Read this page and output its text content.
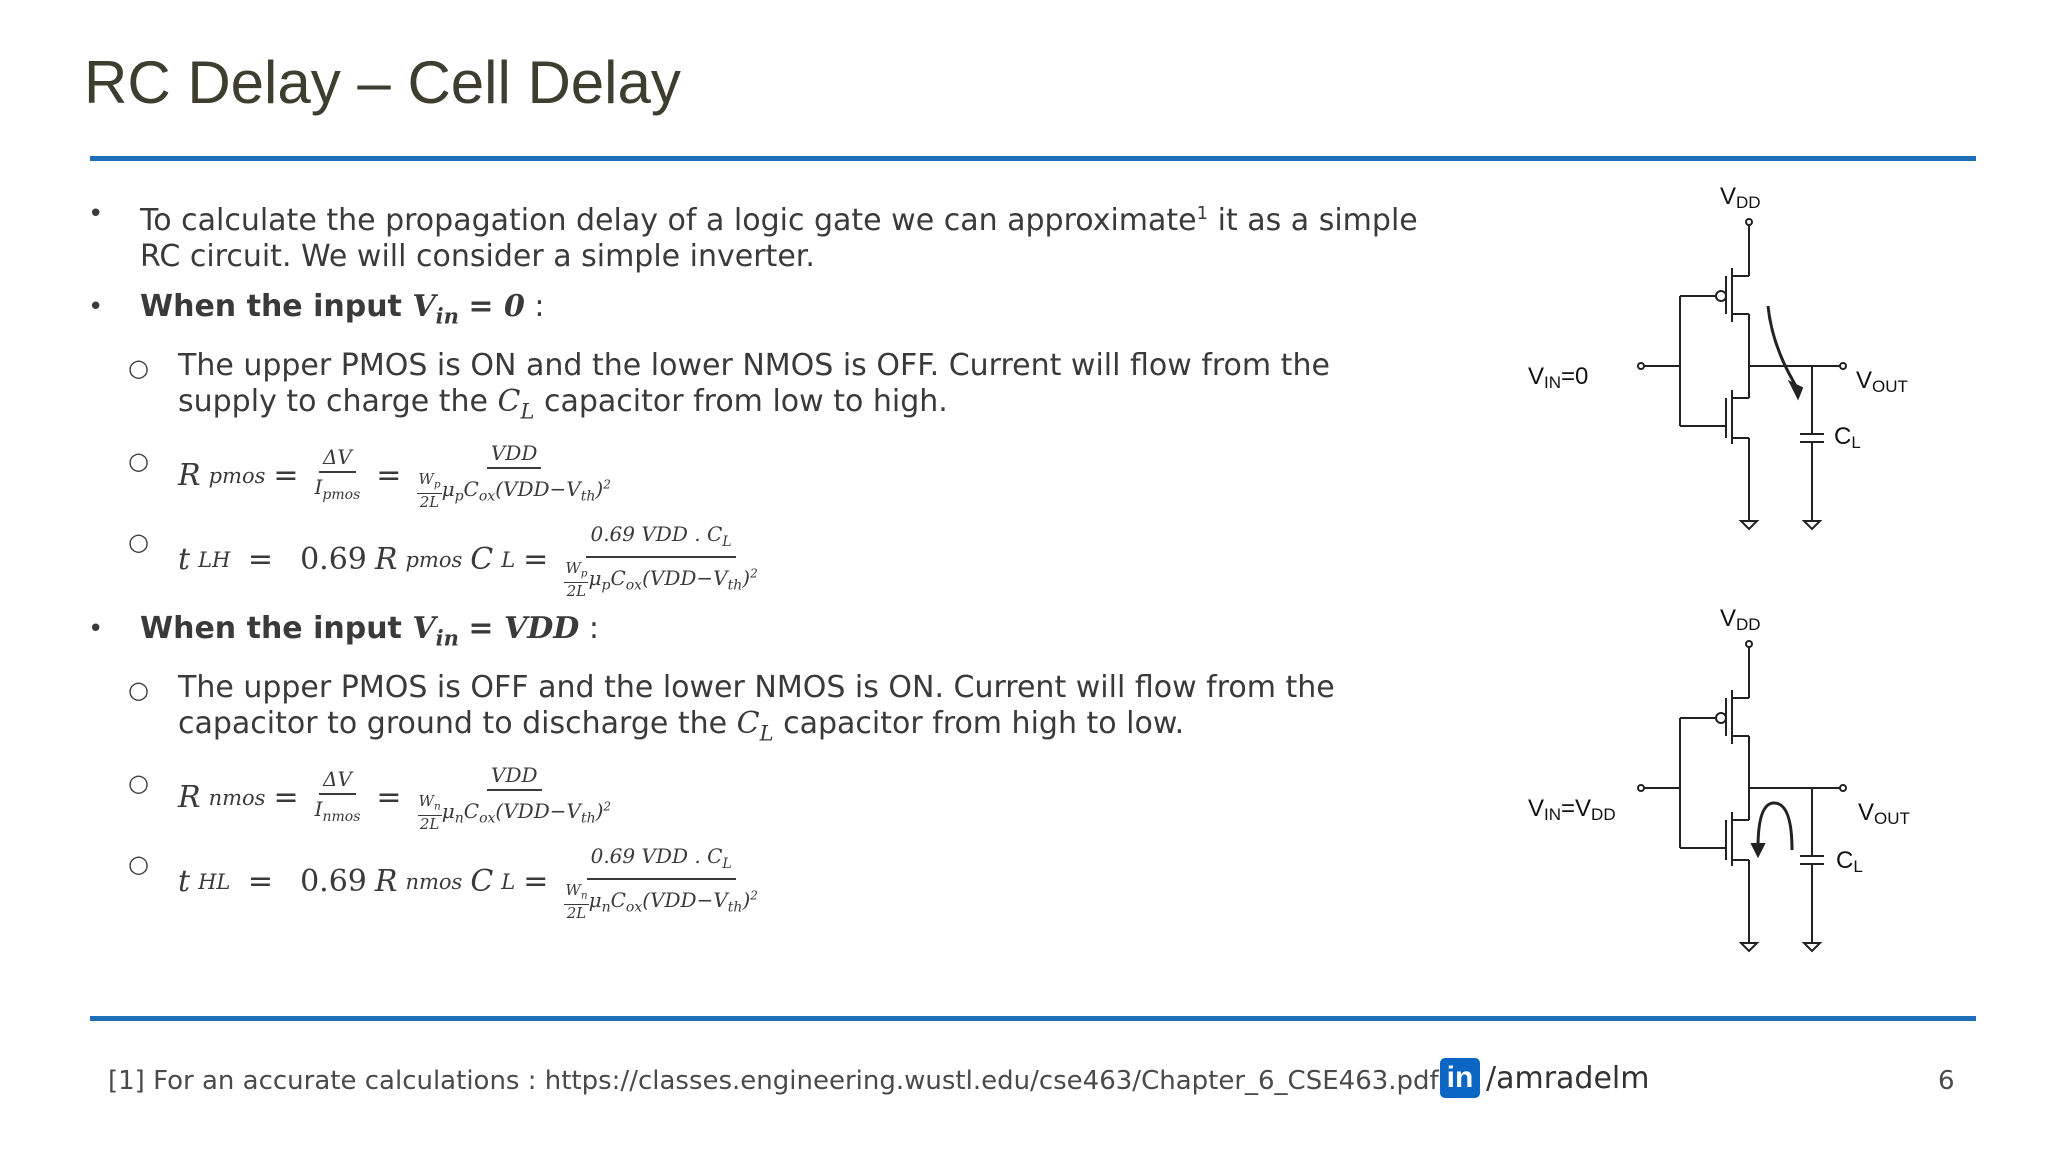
RC Delay – Cell Delay
• To calculate the propagation delay of a logic gate we can approximate$^1$ it as a simple RC circuit. We will consider a simple inverter.
• When the input $V_{in} = 0$ :
○ The upper PMOS is ON and the lower NMOS is OFF. Current will flow from the supply to charge the $C_L$ capacitor from low to high.
○ R pmos = $\frac{\Delta V}{I_{pmos}} = \frac{\text{VDD}}{\frac{W_p}{2L} \mu_pC_{ox}(VDD-V_{th})^2}$
○
t LH = 0.69 R pmos C $L = \frac{0.69 VDD . C_L}{\frac{W_p}{2L} \mu_pC_{ox}(VDD-V_{th})^2}$
• When the input $V_{in}$ = VDD :
○ The upper PMOS is OFF and the lower NMOS is ON. Current will flow from the capacitor to ground to discharge the $C_L$ capacitor from high to low.
○ R nmos = $\frac{\Delta V}{I_{nmos}} = \frac{\text{VDD}}{\frac{W_n}{2L} \mu_nC_{ox}(VDD-V_{th})^2}$
○
t HL = 0.69 R nmos C $L = \frac{0.69 VDD . C_L}{\frac{W_n}{2L} \mu_nC_{ox}(VDD-V_{th})^2}$
VDD
VIN=0	VOUT
CL
VDD
VIN=VDD	VOUT
CL
[1] For an accurate calculations : https://classes.engineering.wustl.edu/cse463/Chapter_6_CSE463.pdf in /amradelm	6
